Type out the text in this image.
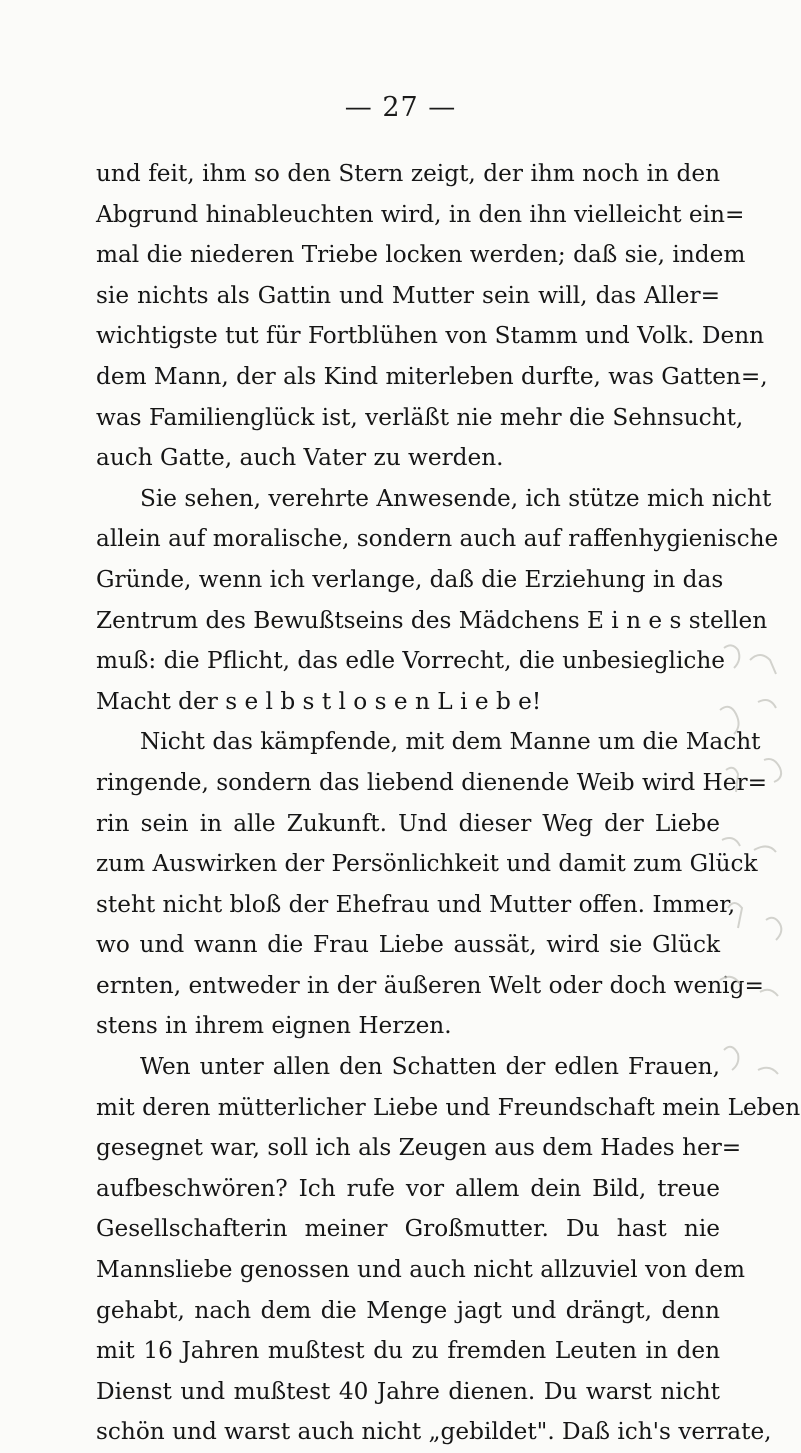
— 27 —
und feit, ihm so den Stern zeigt, der ihm noch in den
Abgrund hinableuchten wird, in den ihn vielleicht ein=
mal die niederen Triebe locken werden; daß sie, indem
sie nichts als Gattin und Mutter sein will, das Aller=
wichtigste tut für Fortblühen von Stamm und Volk. Denn
dem Mann, der als Kind miterleben durfte, was Gatten=,
was Familienglück ist, verläßt nie mehr die Sehnsucht,
auch Gatte, auch Vater zu werden.
Sie sehen, verehrte Anwesende, ich stütze mich nicht
allein auf moralische, sondern auch auf raffenhygienische
Gründe, wenn ich verlange, daß die Erziehung in das
Zentrum des Bewußtseins des Mädchens E i n e s stellen
muß: die Pflicht, das edle Vorrecht, die unbesiegliche
Macht der s e l b s t l o s e n L i e b e!
Nicht das kämpfende, mit dem Manne um die Macht
ringende, sondern das liebend dienende Weib wird Her=
rin sein in alle Zukunft. Und dieser Weg der Liebe
zum Auswirken der Persönlichkeit und damit zum Glück
steht nicht bloß der Ehefrau und Mutter offen. Immer,
wo und wann die Frau Liebe aussät, wird sie Glück
ernten, entweder in der äußeren Welt oder doch wenig=
stens in ihrem eignen Herzen.
Wen unter allen den Schatten der edlen Frauen,
mit deren mütterlicher Liebe und Freundschaft mein Leben
gesegnet war, soll ich als Zeugen aus dem Hades her=
aufbeschwören? Ich rufe vor allem dein Bild, treue
Gesellschafterin meiner Großmutter. Du hast nie
Mannsliebe genossen und auch nicht allzuviel von dem
gehabt, nach dem die Menge jagt und drängt, denn
mit 16 Jahren mußtest du zu fremden Leuten in den
Dienst und mußtest 40 Jahre dienen. Du warst nicht
schön und warst auch nicht „gebildet". Daß ich's verrate,
